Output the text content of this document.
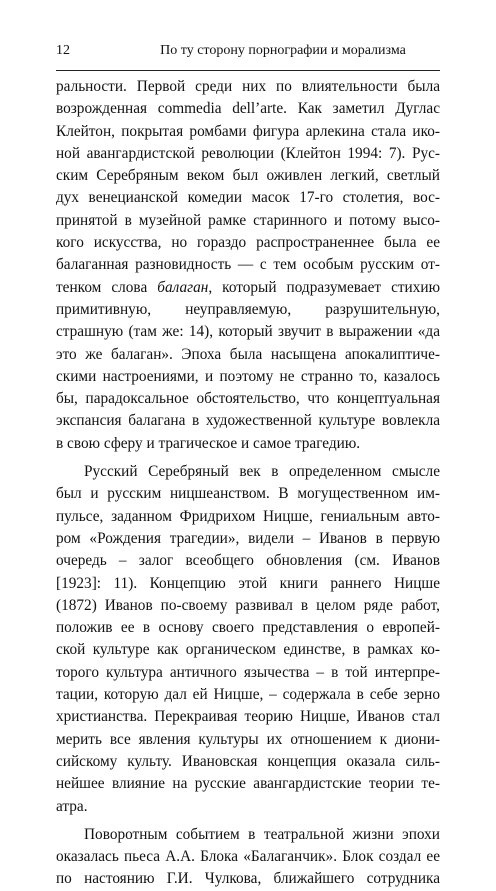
12	По ту сторону порнографии и морализма

ральности. Первой среди них по влиятельности была
возрожденная commedia dell’arte. Как заметил Дуглас
Клейтон, покрытая ромбами фигура арлекина стала ико-
ной авангардистской революции (Клейтон 1994: 7). Рус-
ским Серебряным веком был оживлен легкий, светлый
дух венецианской комедии масок 17-го столетия, вос-
принятой в музейной рамке старинного и потому высо-
кого искусства, но гораздо распространеннее была ее
балаганная разновидность — с тем особым русским от-
тенком слова балаган, который подразумевает стихию
примитивную, неуправляемую, разрушительную,
страшную (там же: 14), который звучит в выражении «да
это же балаган». Эпоха была насыщена апокалиптиче-
скими настроениями, и поэтому не странно то, казалось
бы, парадоксальное обстоятельство, что концептуальная
экспансия балагана в художественной культуре вовлекла
в свою сферу и трагическое и самое трагедию.

Русский Серебряный век в определенном смысле
был и русским ницшеанством. В могущественном им-
пульсе, заданном Фридрихом Ницше, гениальным авто-
ром «Рождения трагедии», видели – Иванов в первую
очередь – залог всеобщего обновления (см. Иванов
[1923]: 11). Концепцию этой книги раннего Ницше
(1872) Иванов по-своему развивал в целом ряде работ,
положив ее в основу своего представления о европей-
ской культуре как органическом единстве, в рамках ко-
торого культура античного язычества – в той интерпре-
тации, которую дал ей Ницше, – содержала в себе зерно
христианства. Перекраивая теорию Ницше, Иванов стал
мерить все явления культуры их отношением к диони-
сийскому культу. Ивановская концепция оказала силь-
нейшее влияние на русские авангардистские теории те-
атра.

Поворотным событием в театральной жизни эпохи
оказалась пьеса А.А. Блока «Балаганчик». Блок создал ее
по настоянию Г.И. Чулкова, ближайшего сотрудника
